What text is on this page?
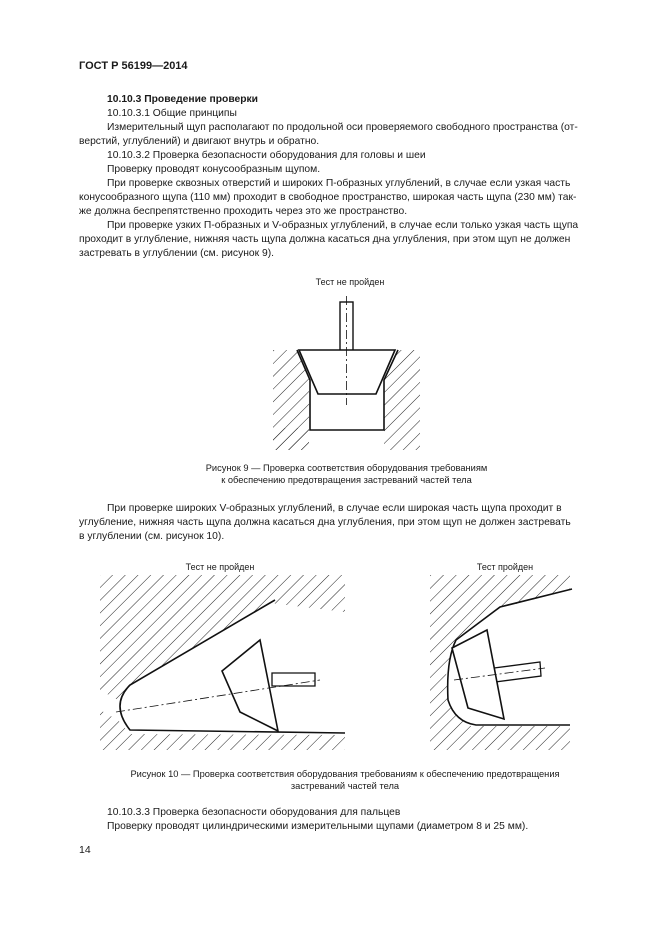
ГОСТ Р 56199—2014
10.10.3 Проведение проверки
10.10.3.1 Общие принципы
Измерительный щуп располагают по продольной оси проверяемого свободного пространства (от-
верстий, углублений) и двигают внутрь и обратно.
10.10.3.2 Проверка безопасности оборудования для головы и шеи
Проверку проводят конусообразным щупом.
При проверке сквозных отверстий и широких П-образных углублений, в случае если узкая часть
конусообразного щупа (110 мм) проходит в свободное пространство, широкая часть щупа (230 мм) так-
же должна беспрепятственно проходить через это же пространство.
При проверке узких П-образных и V-образных углублений, в случае если только узкая часть щупа
проходит в углубление, нижняя часть щупа должна касаться дна углубления, при этом щуп не должен
застревать в углублении (см. рисунок 9).
Тест не пройден
Рисунок 9 — Проверка соответствия оборудования требованиям
к обеспечению предотвращения застреваний частей тела
При проверке широких V-образных углублений, в случае если широкая часть щупа проходит в
углубление, нижняя часть щупа должна касаться дна углубления, при этом щуп не должен застревать
в углублении (см. рисунок 10).
Тест не пройден	Тест пройден
Рисунок 10 — Проверка соответствия оборудования требованиям к обеспечению предотвращения
застреваний частей тела
10.10.3.3 Проверка безопасности оборудования для пальцев
Проверку проводят цилиндрическими измерительными щупами (диаметром 8 и 25 мм).
14
